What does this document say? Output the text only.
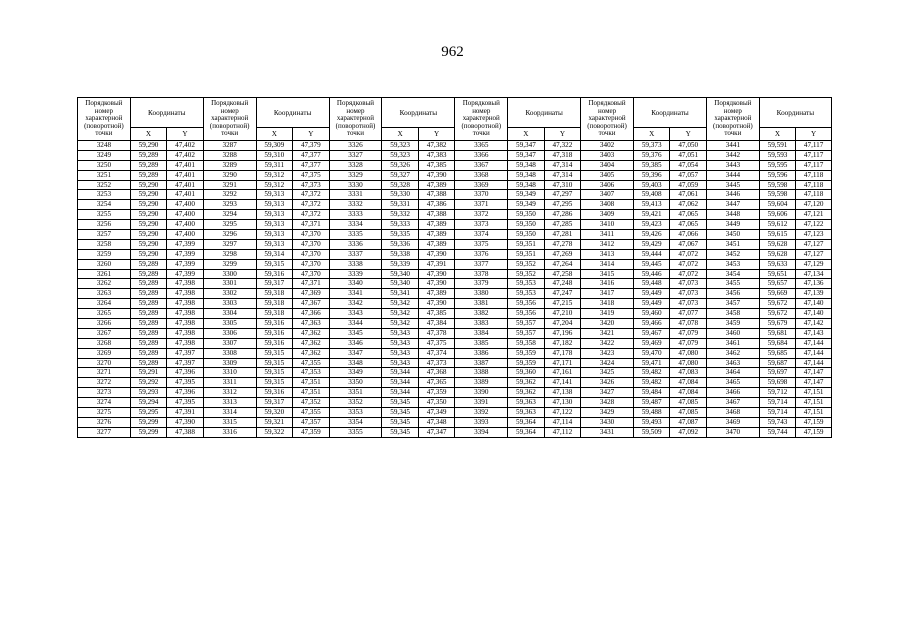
962
Порядковый номер характерной (поворотной) точки	Координаты		Порядковый номер характерной (поворотной) точки	Координаты		Порядковый номер характерной (поворотной) точки	Координаты		Порядковый номер характерной (поворотной) точки	Координаты		Порядковый номер характерной (поворотной) точки	Координаты		Порядковый номер характерной (поворотной) точки	Координаты	
	X	Y		X	Y		X	Y		X	Y		X	Y		X	Y
3248	59,290	47,402	3287	59,309	47,379	3326	59,323	47,382	3365	59,347	47,322	3402	59,373	47,050	3441	59,591	47,117
3249	59,289	47,402	3288	59,310	47,377	3327	59,323	47,383	3366	59,347	47,318	3403	59,376	47,051	3442	59,593	47,117
3250	59,289	47,401	3289	59,311	47,377	3328	59,326	47,385	3367	59,348	47,314	3404	59,385	47,054	3443	59,595	47,117
3251	59,289	47,401	3290	59,312	47,375	3329	59,327	47,390	3368	59,348	47,314	3405	59,396	47,057	3444	59,596	47,118
3252	59,290	47,401	3291	59,312	47,373	3330	59,328	47,389	3369	59,348	47,310	3406	59,403	47,059	3445	59,598	47,118
3253	59,290	47,401	3292	59,313	47,372	3331	59,330	47,388	3370	59,349	47,297	3407	59,408	47,061	3446	59,598	47,118
3254	59,290	47,400	3293	59,313	47,372	3332	59,331	47,386	3371	59,349	47,295	3408	59,413	47,062	3447	59,604	47,120
3255	59,290	47,400	3294	59,313	47,372	3333	59,332	47,388	3372	59,350	47,286	3409	59,421	47,065	3448	59,606	47,121
3256	59,290	47,400	3295	59,313	47,371	3334	59,333	47,389	3373	59,350	47,285	3410	59,423	47,065	3449	59,612	47,122
3257	59,290	47,400	3296	59,313	47,370	3335	59,335	47,389	3374	59,350	47,281	3411	59,426	47,066	3450	59,615	47,123
3258	59,290	47,399	3297	59,313	47,370	3336	59,336	47,389	3375	59,351	47,278	3412	59,429	47,067	3451	59,628	47,127
3259	59,290	47,399	3298	59,314	47,370	3337	59,338	47,390	3376	59,351	47,269	3413	59,444	47,072	3452	59,628	47,127
3260	59,289	47,399	3299	59,315	47,370	3338	59,339	47,391	3377	59,352	47,264	3414	59,445	47,072	3453	59,633	47,129
3261	59,289	47,399	3300	59,316	47,370	3339	59,340	47,390	3378	59,352	47,258	3415	59,446	47,072	3454	59,651	47,134
3262	59,289	47,398	3301	59,317	47,371	3340	59,340	47,390	3379	59,353	47,248	3416	59,448	47,073	3455	59,657	47,136
3263	59,289	47,398	3302	59,318	47,369	3341	59,341	47,389	3380	59,353	47,247	3417	59,449	47,073	3456	59,669	47,139
3264	59,289	47,398	3303	59,318	47,367	3342	59,342	47,390	3381	59,356	47,215	3418	59,449	47,073	3457	59,672	47,140
3265	59,289	47,398	3304	59,318	47,366	3343	59,342	47,385	3382	59,356	47,210	3419	59,460	47,077	3458	59,672	47,140
3266	59,289	47,398	3305	59,316	47,363	3344	59,342	47,384	3383	59,357	47,204	3420	59,466	47,078	3459	59,679	47,142
3267	59,289	47,398	3306	59,316	47,362	3345	59,343	47,378	3384	59,357	47,196	3421	59,467	47,079	3460	59,681	47,143
3268	59,289	47,398	3307	59,316	47,362	3346	59,343	47,375	3385	59,358	47,182	3422	59,469	47,079	3461	59,684	47,144
3269	59,289	47,397	3308	59,315	47,362	3347	59,343	47,374	3386	59,359	47,178	3423	59,470	47,080	3462	59,685	47,144
3270	59,289	47,397	3309	59,315	47,355	3348	59,343	47,373	3387	59,359	47,171	3424	59,471	47,080	3463	59,687	47,144
3271	59,291	47,396	3310	59,315	47,353	3349	59,344	47,368	3388	59,360	47,161	3425	59,482	47,083	3464	59,697	47,147
3272	59,292	47,395	3311	59,315	47,351	3350	59,344	47,365	3389	59,362	47,141	3426	59,482	47,084	3465	59,698	47,147
3273	59,293	47,396	3312	59,316	47,351	3351	59,344	47,359	3390	59,362	47,138	3427	59,484	47,084	3466	59,712	47,151
3274	59,294	47,395	3313	59,317	47,352	3352	59,345	47,350	3391	59,363	47,130	3428	59,487	47,085	3467	59,714	47,151
3275	59,295	47,391	3314	59,320	47,355	3353	59,345	47,349	3392	59,363	47,122	3429	59,488	47,085	3468	59,714	47,151
3276	59,299	47,390	3315	59,321	47,357	3354	59,345	47,348	3393	59,364	47,114	3430	59,493	47,087	3469	59,743	47,159
3277	59,299	47,388	3316	59,322	47,359	3355	59,345	47,347	3394	59,364	47,112	3431	59,509	47,092	3470	59,744	47,159
